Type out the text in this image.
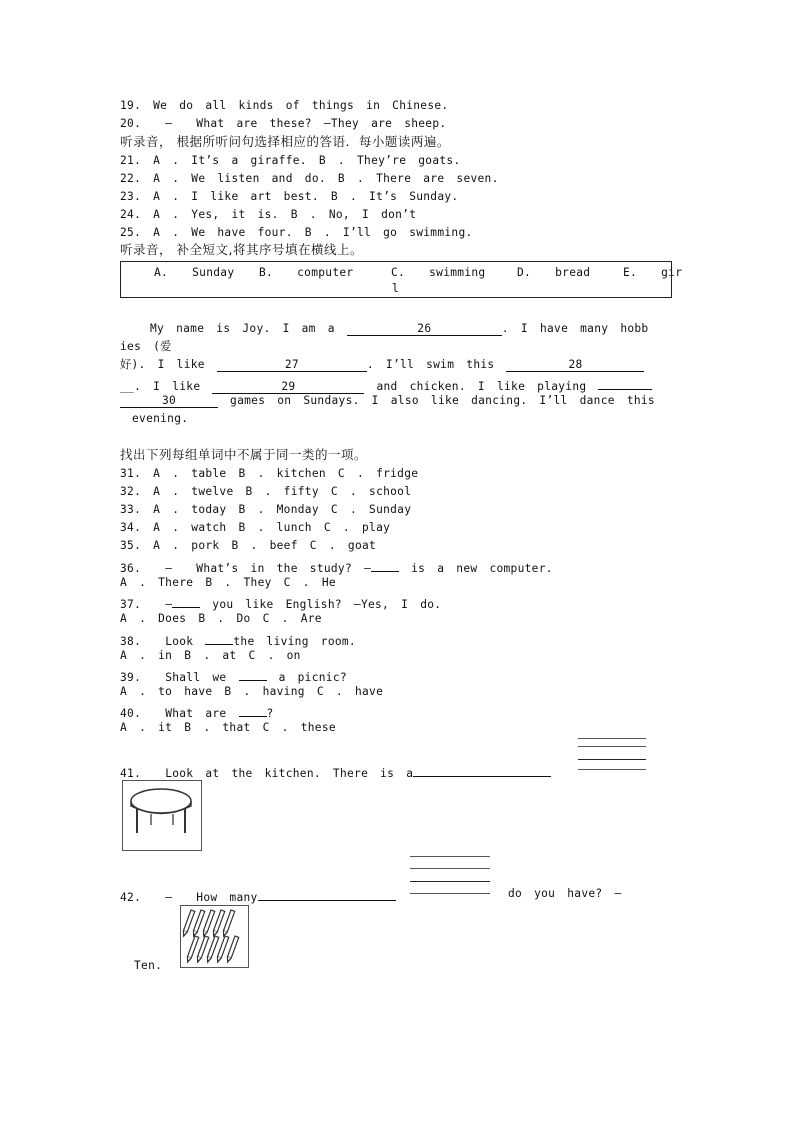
19. We do all kinds of things in Chinese.
20.  —  What are these? —They are sheep.
听录音， 根据所听问句选择相应的答语.  每小题读两遍。
21. A . It’s a giraffe. B . They’re goats.
22. A . We listen and do. B . There are seven.
23. A . I like art best. B . It’s Sunday.
24. A . Yes, it is. B . No, I don’t
25. A . We have four. B . I’ll go swimming.
听录音， 补全短文,将其序号填在横线上。
A.  Sunday B.  computer	C.  swimming
l
D.  bread	E.  gir
My name is Joy. I am a	26	. I have many hobb
ies (爱
好). I like	27	. I’ll swim this	28
__. I like	29	and chicken. I like playing
30	games on Sundays. I also like dancing. I’ll dance this
evening.
找出下列每组单词中不属于同一类的一项。
31. A . table B . kitchen C . fridge
32. A . twelve B . fifty C . school
33. A . today B . Monday C . Sunday
34. A . watch B . lunch C . play
35. A . pork B . beef C . goat
36. —  What’s in the study? —	is a new computer.
A . There B . They C . He
37. —	you like English? —Yes, I do.
A . Does B . Do C . Are
38. Look	the living room.
A . in B . at C . on
39. Shall we	a picnic?
A . to have B . having C . have
40. What are	?
A . it B . that C . these
41. Look at the kitchen. There is a
42. —  How many	do you have? —
Ten.
